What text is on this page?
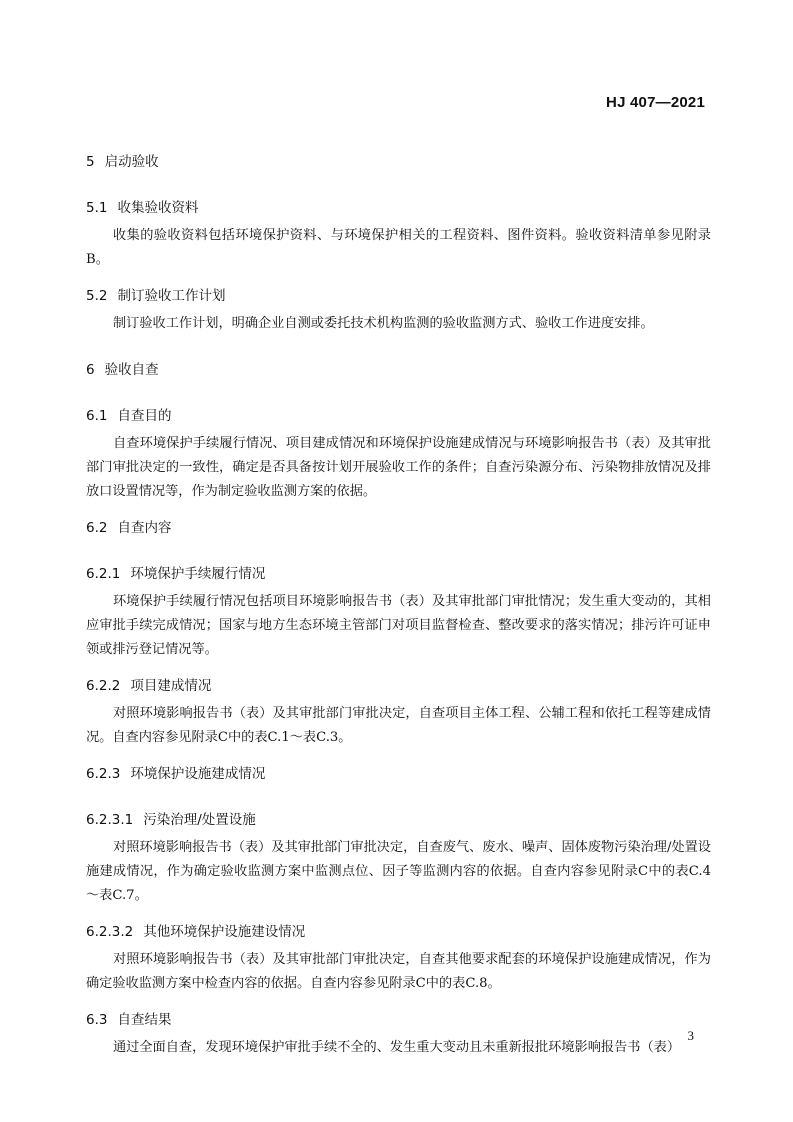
HJ 407—2021
5 启动验收
5.1 收集验收资料

收集的验收资料包括环境保护资料、与环境保护相关的工程资料、图件资料。验收资料清单参见附录B。

5.2 制订验收工作计划

制订验收工作计划，明确企业自测或委托技术机构监测的验收监测方式、验收工作进度安排。

6 验收自查
6.1 自查目的

自查环境保护手续履行情况、项目建成情况和环境保护设施建成情况与环境影响报告书（表）及其审批部门审批决定的一致性，确定是否具备按计划开展验收工作的条件；自查污染源分布、污染物排放情况及排放口设置情况等，作为制定验收监测方案的依据。

6.2 自查内容
6.2.1 环境保护手续履行情况

环境保护手续履行情况包括项目环境影响报告书（表）及其审批部门审批情况；发生重大变动的，其相应审批手续完成情况；国家与地方生态环境主管部门对项目监督检查、整改要求的落实情况；排污许可证申领或排污登记情况等。

6.2.2 项目建成情况

对照环境影响报告书（表）及其审批部门审批决定，自查项目主体工程、公辅工程和依托工程等建成情况。自查内容参见附录C中的表C.1～表C.3。

6.2.3 环境保护设施建成情况
6.2.3.1 污染治理/处置设施

对照环境影响报告书（表）及其审批部门审批决定，自查废气、废水、噪声、固体废物污染治理/处置设施建成情况，作为确定验收监测方案中监测点位、因子等监测内容的依据。自查内容参见附录C中的表C.4～表C.7。

6.2.3.2 其他环境保护设施建设情况

对照环境影响报告书（表）及其审批部门审批决定，自查其他要求配套的环境保护设施建成情况，作为确定验收监测方案中检查内容的依据。自查内容参见附录C中的表C.8。

6.3 自查结果

通过全面自查，发现环境保护审批手续不全的、发生重大变动且未重新报批环境影响报告书（表）

3
